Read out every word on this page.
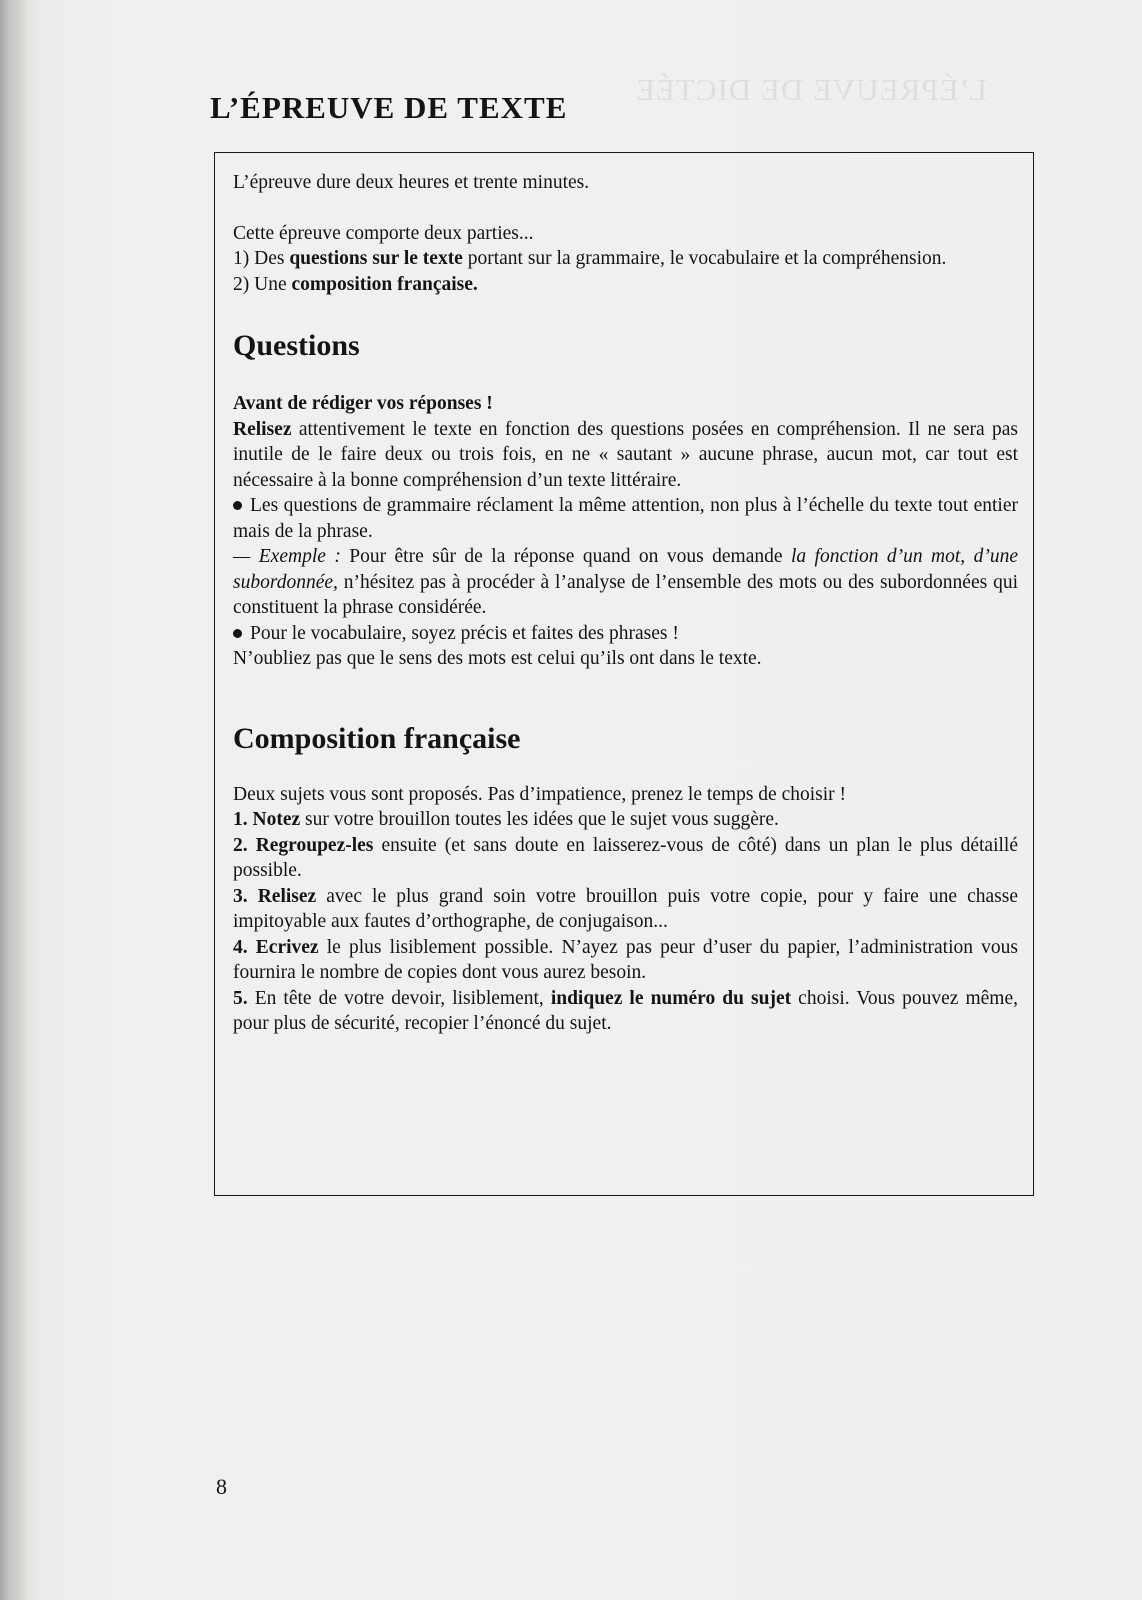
L’ÉPREUVE DE DICTÉE
L’ÉPREUVE DE TEXTE

L’épreuve dure deux heures et trente minutes.

Cette épreuve comporte deux parties...

1) Des questions sur le texte portant sur la grammaire, le vocabulaire et la compréhension.

2) Une composition française.

Questions

Avant de rédiger vos réponses !

Relisez attentivement le texte en fonction des questions posées en compréhension. Il ne sera pas inutile de le faire deux ou trois fois, en ne « sautant » aucune phrase, aucun mot, car tout est nécessaire à la bonne compréhension d’un texte littéraire.

Les questions de grammaire réclament la même attention, non plus à l’échelle du texte tout entier mais de la phrase.

— Exemple : Pour être sûr de la réponse quand on vous demande la fonction d’un mot, d’une subordonnée, n’hésitez pas à procéder à l’analyse de l’ensemble des mots ou des subordonnées qui constituent la phrase considérée.

Pour le vocabulaire, soyez précis et faites des phrases !

N’oubliez pas que le sens des mots est celui qu’ils ont dans le texte.

Composition française

Deux sujets vous sont proposés. Pas d’impatience, prenez le temps de choisir !

1. Notez sur votre brouillon toutes les idées que le sujet vous suggère.

2. Regroupez-les ensuite (et sans doute en laisserez-vous de côté) dans un plan le plus détaillé possible.

3. Relisez avec le plus grand soin votre brouillon puis votre copie, pour y faire une chasse impitoyable aux fautes d’orthographe, de conjugaison...

4. Ecrivez le plus lisiblement possible. N’ayez pas peur d’user du papier, l’administration vous fournira le nombre de copies dont vous aurez besoin.

5. En tête de votre devoir, lisiblement, indiquez le numéro du sujet choisi. Vous pouvez même, pour plus de sécurité, recopier l’énoncé du sujet.

8
